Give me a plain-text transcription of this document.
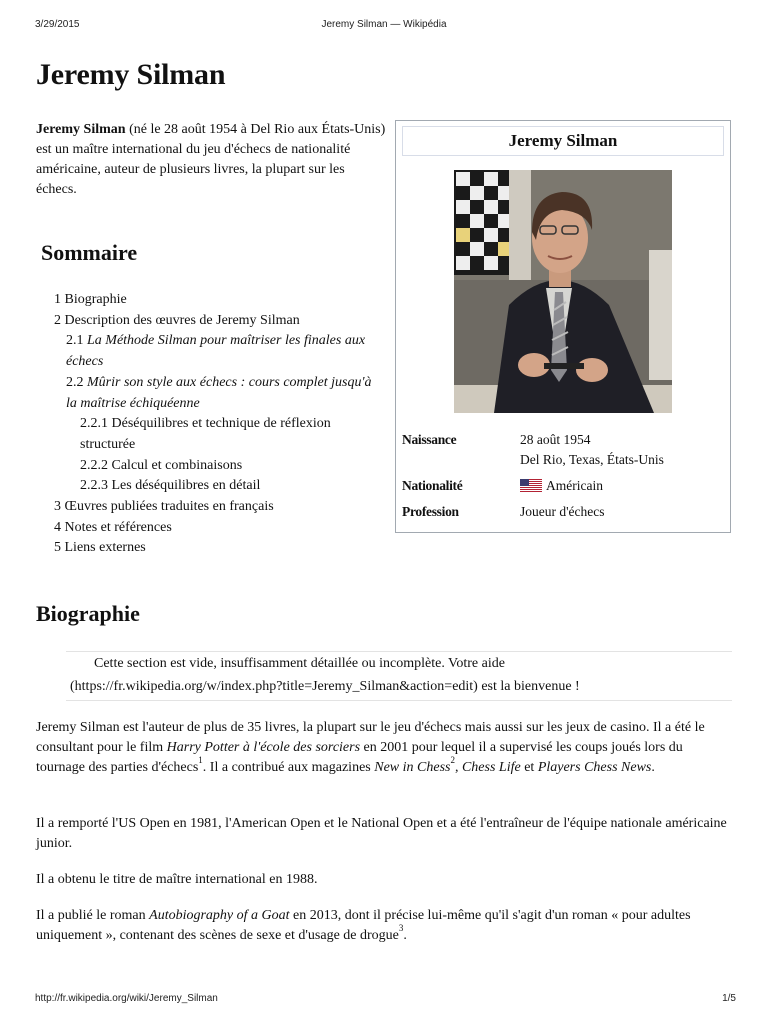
3/29/2015	Jeremy Silman — Wikipédia
Jeremy Silman

Jeremy Silman (né le 28 août 1954 à Del Rio aux États-Unis) est un maître international du jeu d'échecs de nationalité américaine, auteur de plusieurs livres, la plupart sur les échecs.

Jeremy Silman
Naissance	28 août 1954
Del Rio, Texas, États-Unis
Nationalité	Américain
Profession	Joueur d'échecs
Sommaire
1 Biographie
2 Description des œuvres de Jeremy Silman
2.1 La Méthode Silman pour maîtriser les finales aux échecs
2.2 Mûrir son style aux échecs : cours complet jusqu'à la maîtrise échiquéenne
2.2.1 Déséquilibres et technique de réflexion structurée
2.2.2 Calcul et combinaisons
2.2.3 Les déséquilibres en détail
3 Œuvres publiées traduites en français
4 Notes et références
5 Liens externes
Biographie
Cette section est vide, insuffisamment détaillée ou incomplète. Votre aide
(https://fr.wikipedia.org/w/index.php?title=Jeremy_Silman&action=edit) est la bienvenue !

Jeremy Silman est l'auteur de plus de 35 livres, la plupart sur le jeu d'échecs mais aussi sur les jeux de casino. Il a été le consultant pour le film Harry Potter à l'école des sorciers en 2001 pour lequel il a supervisé les coups joués lors du tournage des parties d'échecs$^1$. Il a contribué aux magazines New in Chess$^2$, Chess Life et Players Chess News.

Il a remporté l'US Open en 1981, l'American Open et le National Open et a été l'entraîneur de l'équipe nationale américaine junior.

Il a obtenu le titre de maître international en 1988.

Il a publié le roman Autobiography of a Goat en 2013, dont il précise lui-même qu'il s'agit d'un roman « pour adultes uniquement », contenant des scènes de sexe et d'usage de drogue$^3$.

http://fr.wikipedia.org/wiki/Jeremy_Silman	1/5
